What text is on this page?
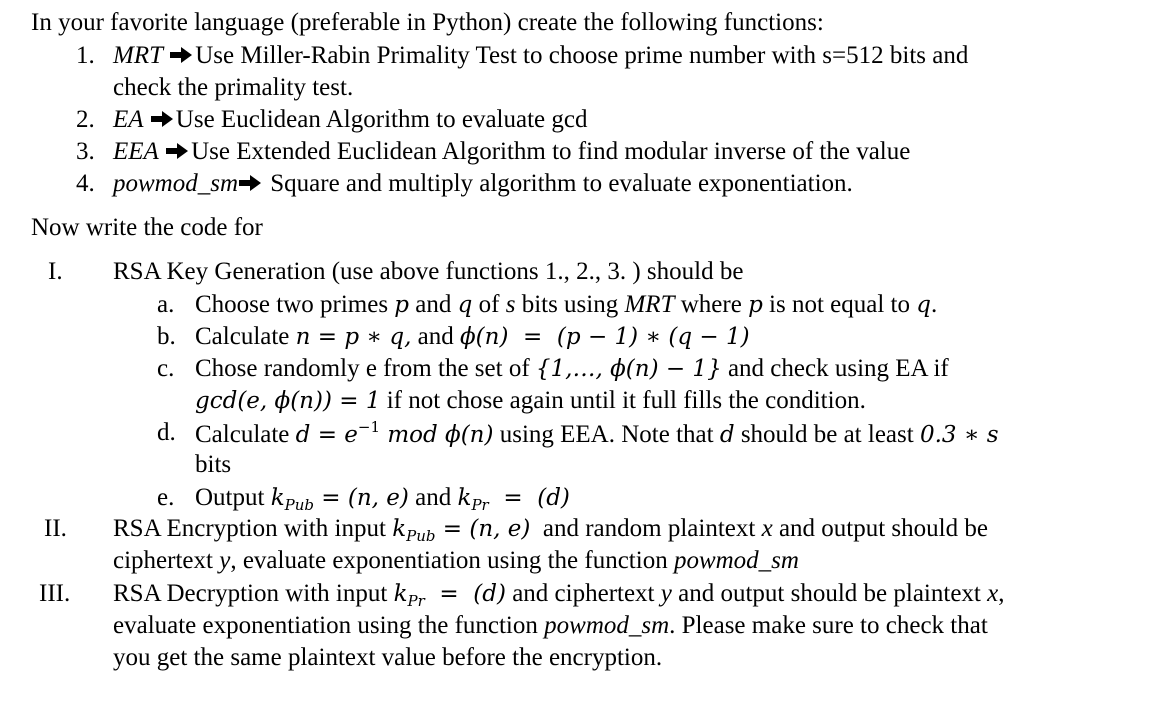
In your favorite language (preferable in Python) create the following functions:
1. MRT Use Miller-Rabin Primality Test to choose prime number with s=512 bits and
check the primality test.
2. EA Use Euclidean Algorithm to evaluate gcd
3. EEA Use Extended Euclidean Algorithm to find modular inverse of the value
4. powmod_sm Square and multiply algorithm to evaluate exponentiation.
Now write the code for
I. RSA Key Generation (use above functions 1., 2., 3. ) should be
a. Choose two primes p and q of s bits using MRT where p is not equal to q.
b. Calculate n = p ∗ q, and ϕ(n)  =  (p − 1) ∗ (q − 1)
c. Chose randomly e from the set of {1,…, ϕ(n) − 1} and check using EA if
gcd(e, ϕ(n)) = 1 if not chose again until it full fills the condition.
d. Calculate $d = e^{-1}$ mod ϕ(n) using EEA. Note that d should be at least 0.3 ∗ s
bits
e. Output $k_{Pub} = (n$, e) and $k_{Pr} = (d)$
II. RSA Encryption with input $k_{Pub} = (n$, e)  and random plaintext x and output should be
ciphertext y, evaluate exponentiation using the function powmod_sm
III. RSA Decryption with input $k_{Pr} = (d)$ and ciphertext y and output should be plaintext x,
evaluate exponentiation using the function powmod_sm. Please make sure to check that
you get the same plaintext value before the encryption.
